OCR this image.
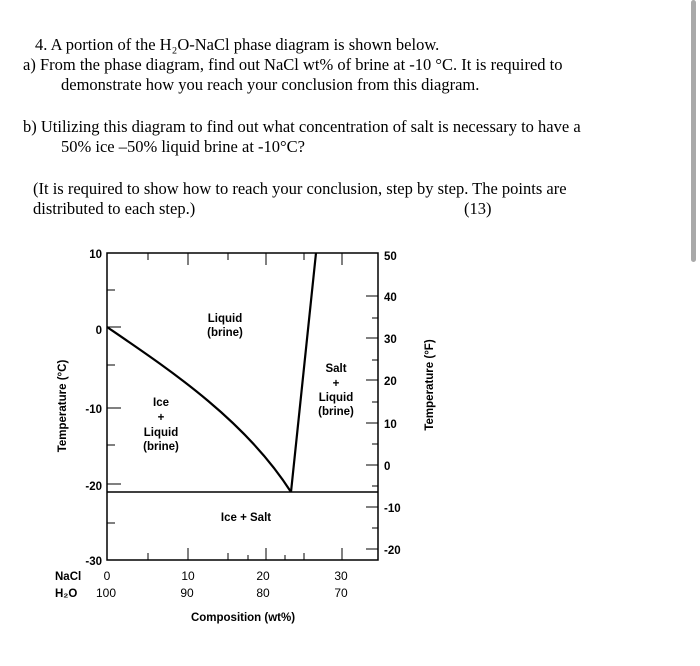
4. A portion of the H₂O-NaCl phase diagram is shown below.
a) From the phase diagram, find out NaCl wt% of brine at -10 °C. It is required to
demonstrate how you reach your conclusion from this diagram.
b) Utilizing this diagram to find out what concentration of salt is necessary to have a
50% ice –50% liquid brine at -10°C?
(It is required to show how to reach your conclusion, step by step. The points are
distributed to each step.)	(13)
10
0
-10
-20
-30
50
40
30
20
10
0
-10
-20
NaCl
H₂O
0	10	20	30
100	90	80	70
Composition (wt%)
Temperature (°C)	Temperature (°F)
Liquid
(brine)
Ice
+
Liquid
(brine)
Salt
+
Liquid
(brine)
Ice + Salt
